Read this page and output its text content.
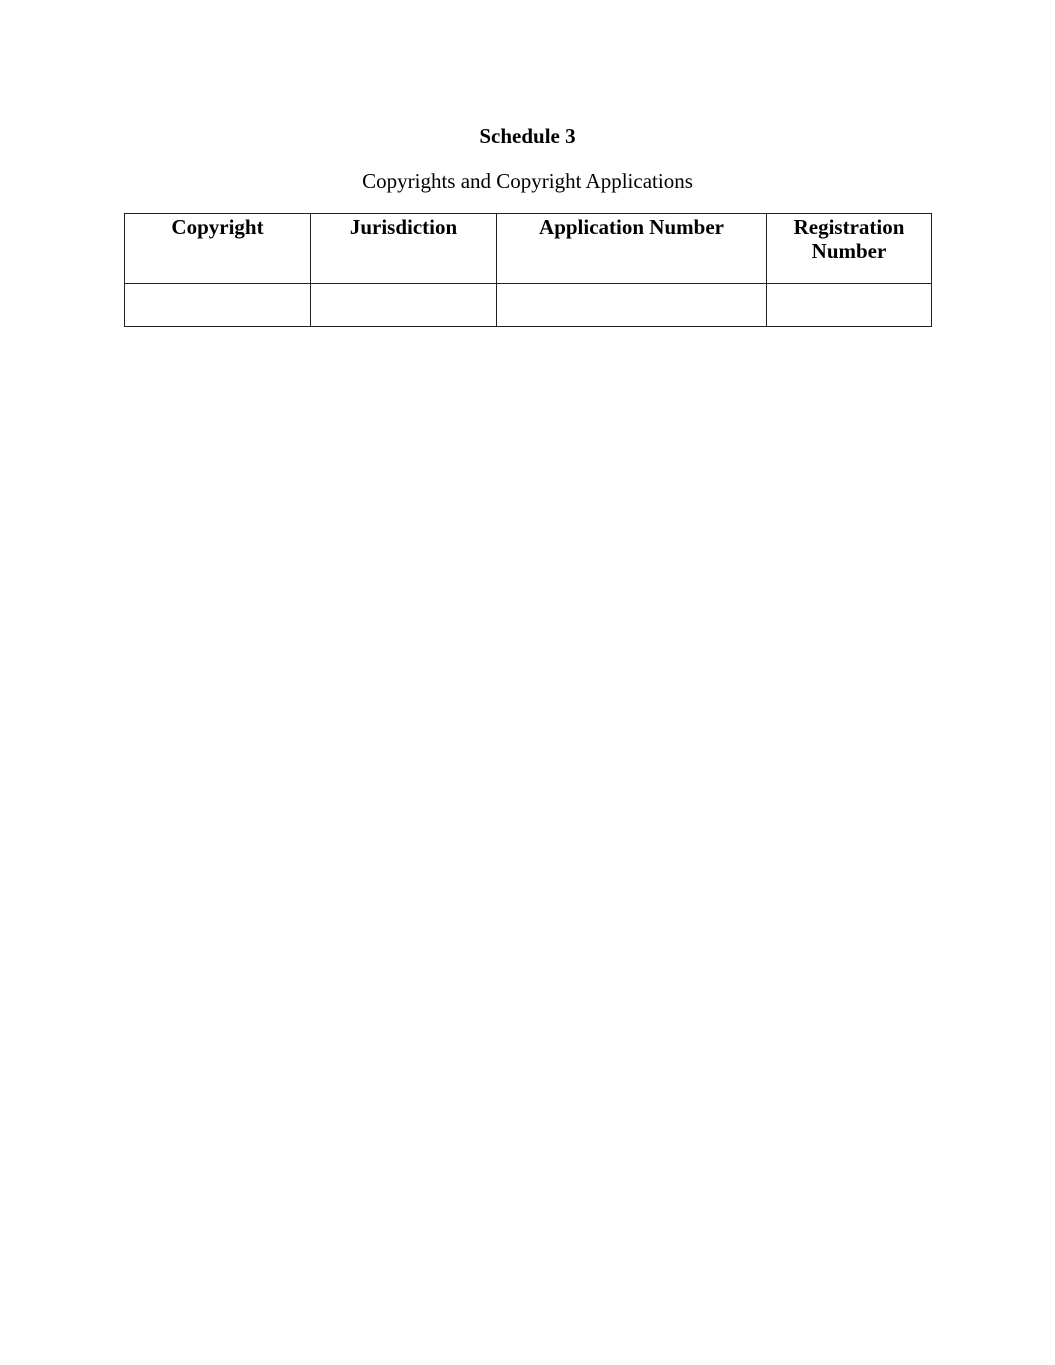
Schedule 3
Copyrights and Copyright Applications
Copyright	Jurisdiction	Application Number	Registration
Number
